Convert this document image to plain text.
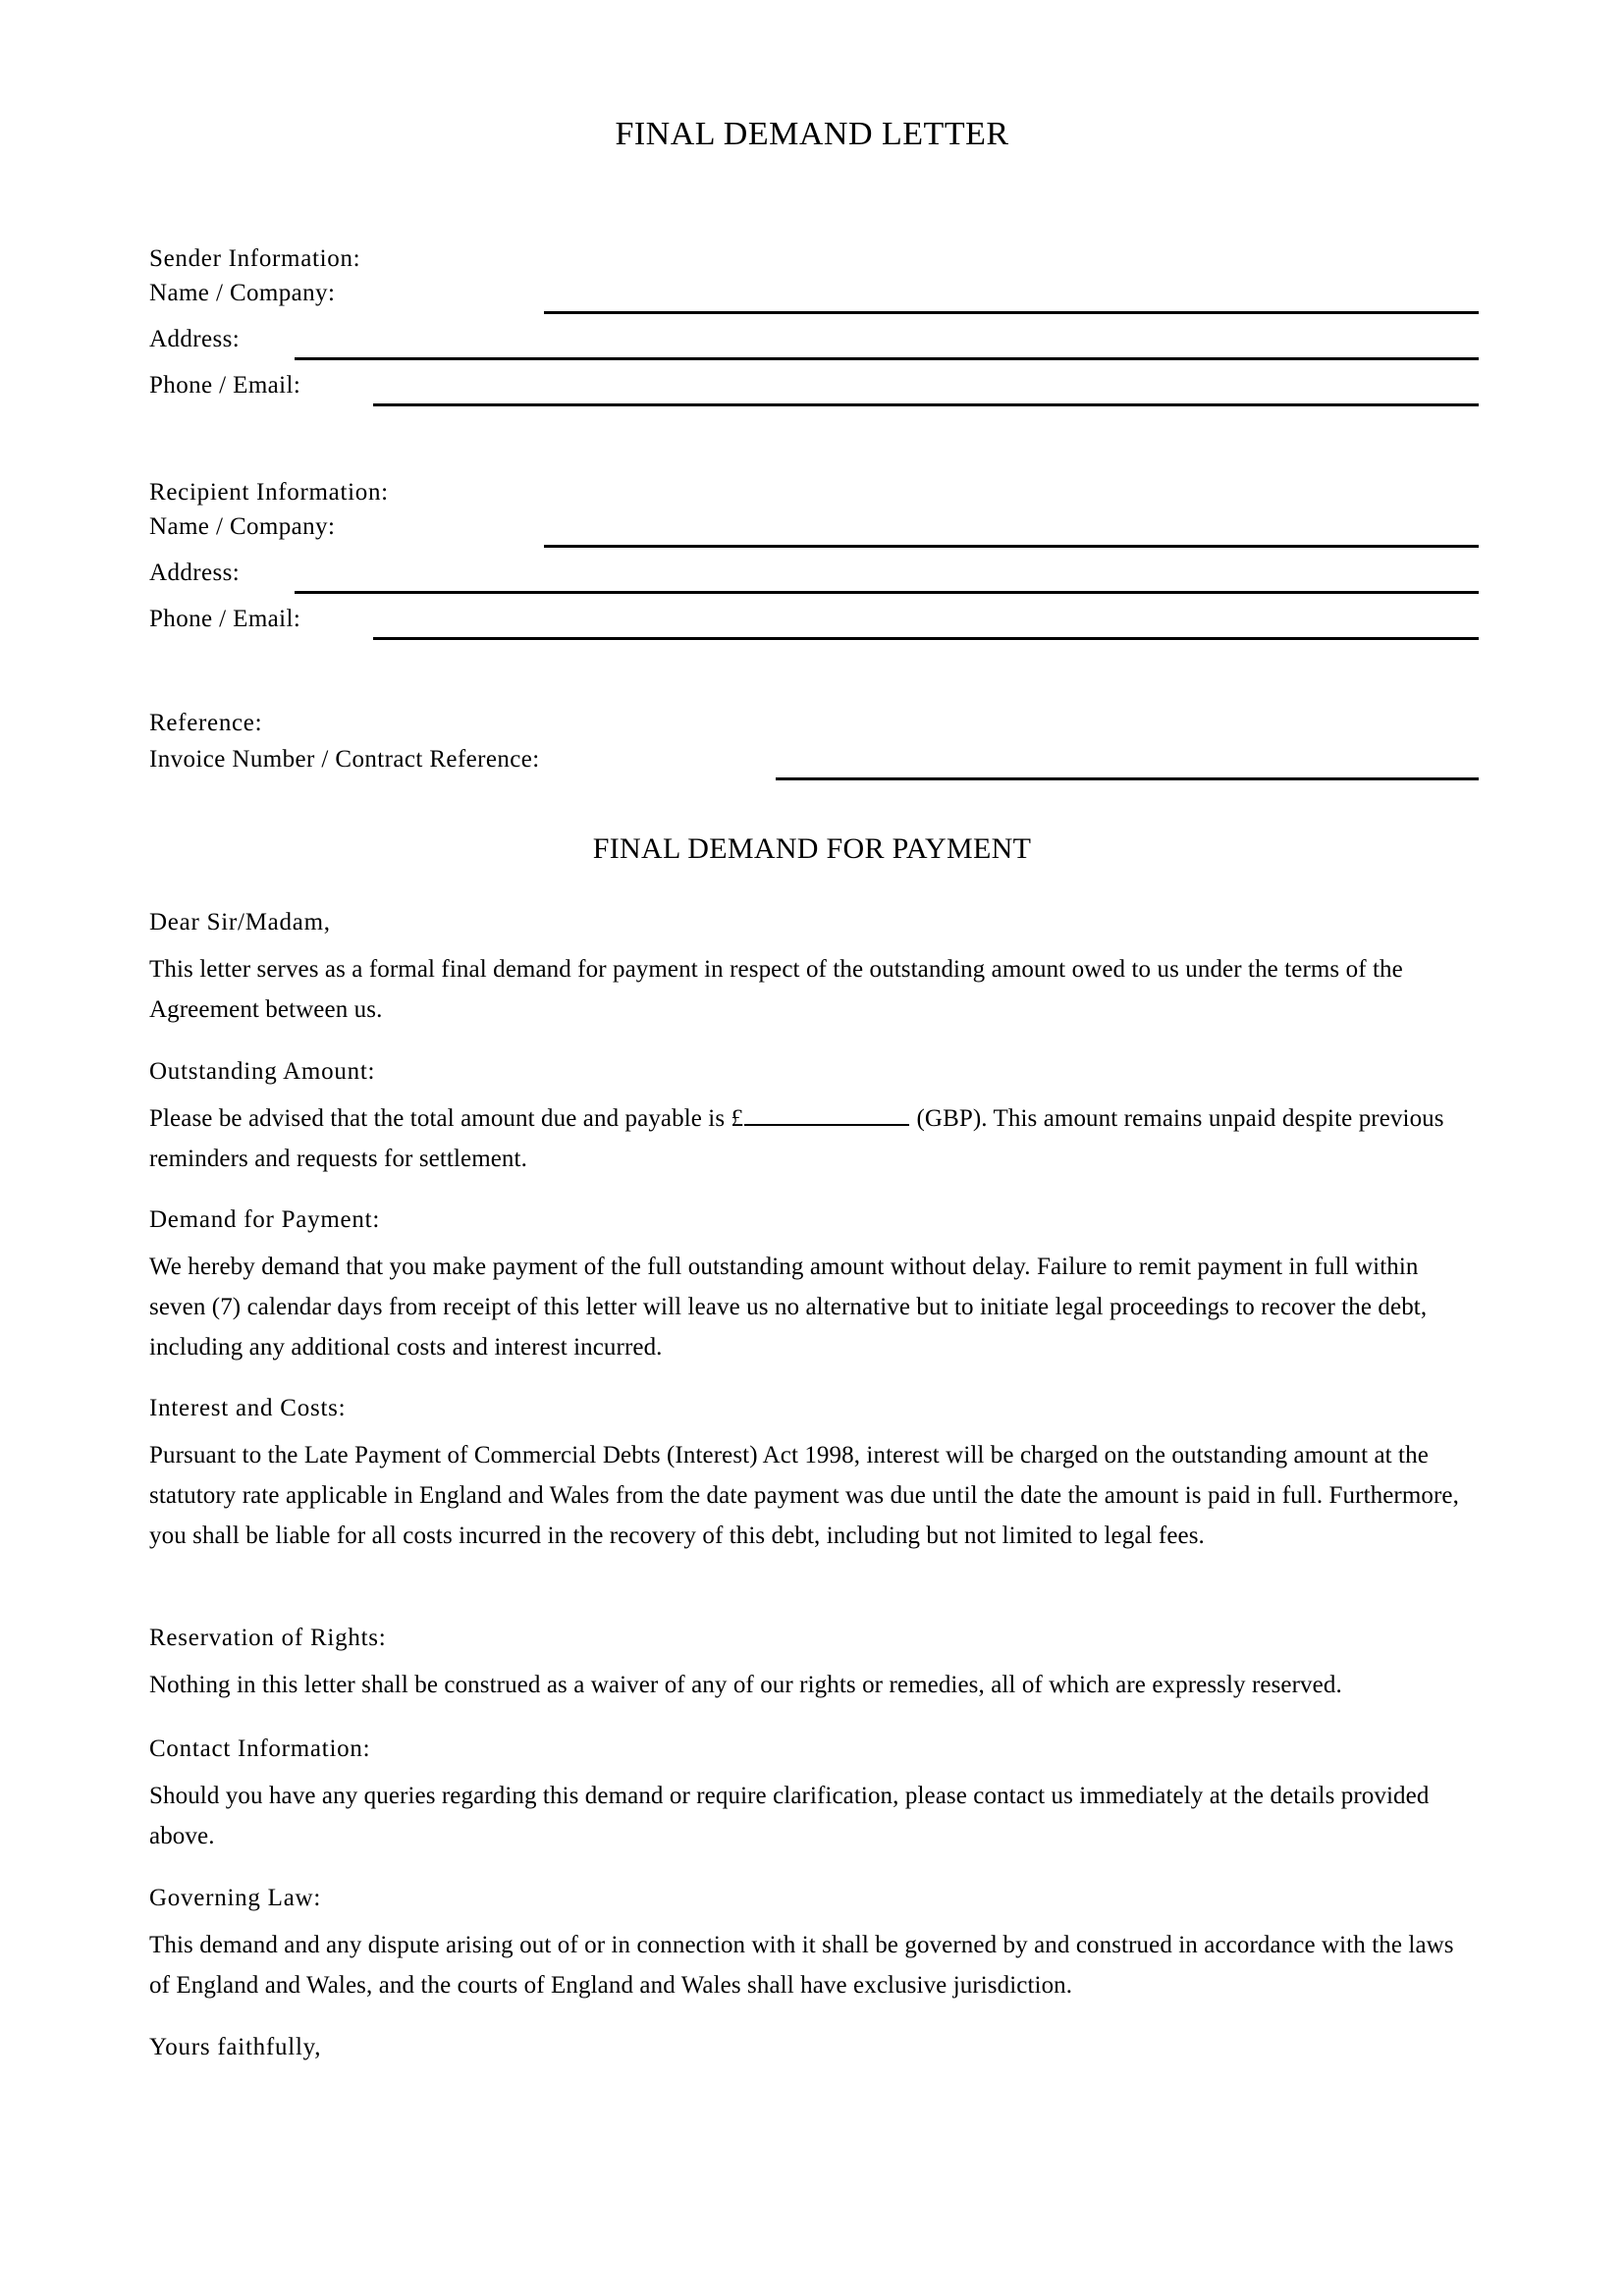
FINAL DEMAND LETTER
Sender Information:
Name / Company:
Address:
Phone / Email:
Recipient Information:
Name / Company:
Address:
Phone / Email:
Reference:
Invoice Number / Contract Reference:
FINAL DEMAND FOR PAYMENT
Dear Sir/Madam,
This letter serves as a formal final demand for payment in respect of the outstanding amount owed to us under the terms of the Agreement between us.
Outstanding Amount:
Please be advised that the total amount due and payable is £	(GBP). This amount remains unpaid despite previous reminders and requests for settlement.
Demand for Payment:
We hereby demand that you make payment of the full outstanding amount without delay. Failure to remit payment in full within seven (7) calendar days from receipt of this letter will leave us no alternative but to initiate legal proceedings to recover the debt, including any additional costs and interest incurred.
Interest and Costs:
Pursuant to the Late Payment of Commercial Debts (Interest) Act 1998, interest will be charged on the outstanding amount at the statutory rate applicable in England and Wales from the date payment was due until the date the amount is paid in full. Furthermore, you shall be liable for all costs incurred in the recovery of this debt, including but not limited to legal fees.
Reservation of Rights:
Nothing in this letter shall be construed as a waiver of any of our rights or remedies, all of which are expressly reserved.
Contact Information:
Should you have any queries regarding this demand or require clarification, please contact us immediately at the details provided above.
Governing Law:
This demand and any dispute arising out of or in connection with it shall be governed by and construed in accordance with the laws of England and Wales, and the courts of England and Wales shall have exclusive jurisdiction.
Yours faithfully,
